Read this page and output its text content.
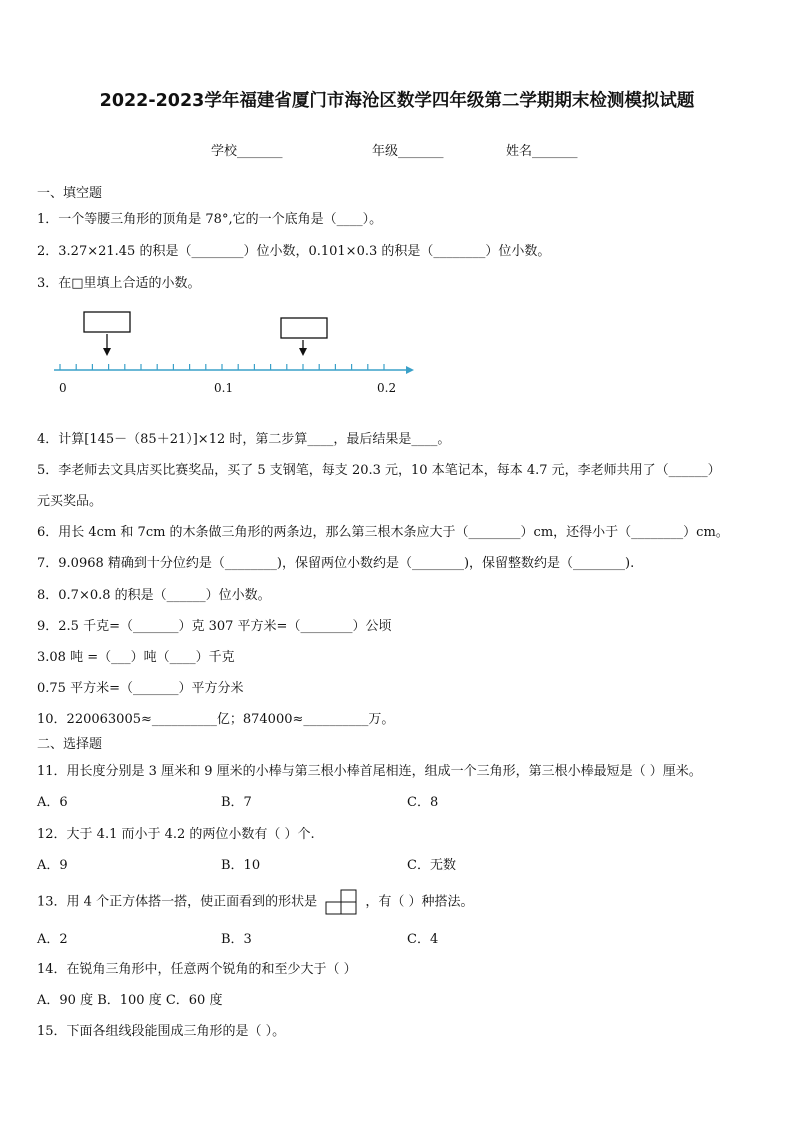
2022-2023学年福建省厦门市海沧区数学四年级第二学期期末检测模拟试题
学校_______	年级_______	姓名_______
一、填空题
1．一个等腰三角形的顶角是 78°,它的一个底角是（____）。
2．3.27×21.45 的积是（________）位小数，0.101×0.3 的积是（________）位小数。
3．在□里填上合适的小数。
0	0.1	0.2
4．计算[145－（85＋21）]×12 时，第二步算____，最后结果是____。
5．李老师去文具店买比赛奖品，买了 5 支钢笔，每支 20.3 元，10 本笔记本，每本 4.7 元，李老师共用了（______）
元买奖品。
6．用长 4cm 和 7cm 的木条做三角形的两条边，那么第三根木条应大于（________）cm，还得小于（________）cm。
7．9.0968 精确到十分位约是（________)，保留两位小数约是（________)，保留整数约是（________).
8．0.7×0.8 的积是（______）位小数。
9．2.5 千克=（_______）克 307 平方米=（________）公顷
3.08 吨 =（___）吨（____）千克
0.75 平方米=（_______）平方分米
10．220063005≈__________亿；874000≈__________万。
二、选择题
11．用长度分别是 3 厘米和 9 厘米的小棒与第三根小棒首尾相连，组成一个三角形，第三根小棒最短是（ ）厘米。
A．6	B．7	C．8
12．大于 4.1 而小于 4.2 的两位小数有（ ）个.
A．9	B．10	C．无数
13．用 4 个正方体搭一搭，使正面看到的形状是	，有（ ）种搭法。
A．2	B．3	C．4
14．在锐角三角形中，任意两个锐角的和至少大于（ ）
A．90 度 B．100 度 C．60 度
15．下面各组线段能围成三角形的是（ ）。
